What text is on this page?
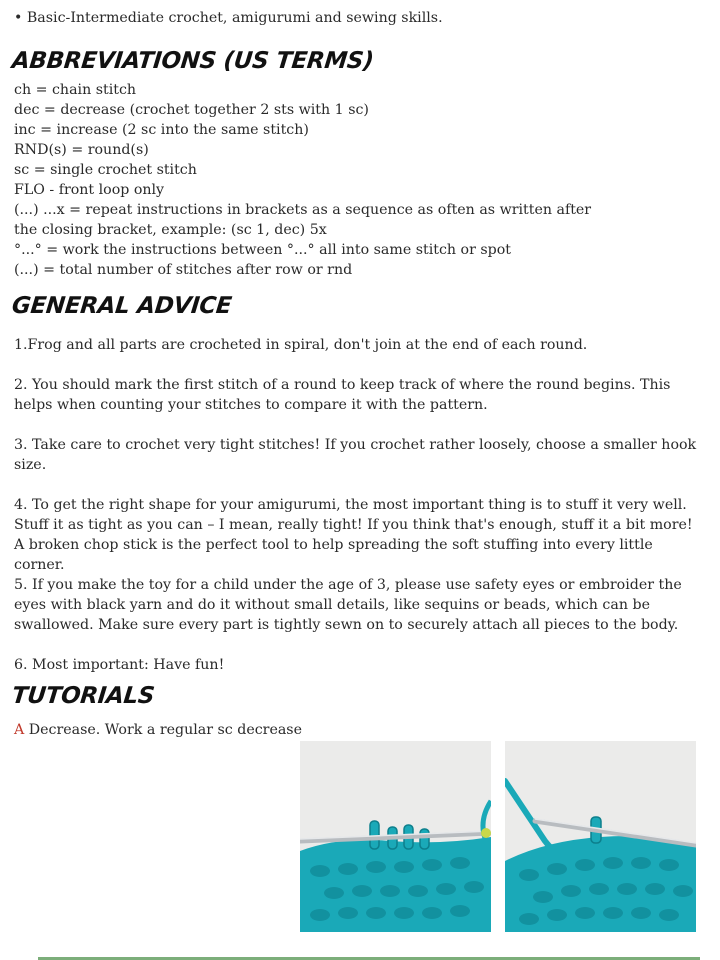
• Basic-Intermediate crochet, amigurumi and sewing skills.
ABBREVIATIONS (US TERMS)
ch = chain stitch
dec = decrease (crochet together 2 sts with 1 sc)
inc = increase (2 sc into the same stitch)
RND(s) = round(s)
sc = single crochet stitch
FLO - front loop only
(...) ...x = repeat instructions in brackets as a sequence as often as written after
the closing bracket, example: (sc 1, dec) 5x
°...° = work the instructions between °...° all into same stitch or spot
(...) = total number of stitches after row or rnd
GENERAL ADVICE

1.Frog and all parts are crocheted in spiral, don't join at the end of each round.

2. You should mark the first stitch of a round to keep track of where the round begins. This helps when counting your stitches to compare it with the pattern.

3. Take care to crochet very tight stitches! If you crochet rather loosely, choose a smaller hook size.

4. To get the right shape for your amigurumi, the most important thing is to stuff it very well. Stuff it as tight as you can – I mean, really tight! If you think that's enough, stuff it a bit more! A broken chop stick is the perfect tool to help spreading the soft stuffing into every little corner.

5. If you make the toy for a child under the age of 3, please use safety eyes or embroider the eyes with black yarn and do it without small details, like sequins or beads, which can be swallowed. Make sure every part is tightly sewn on to securely attach all pieces to the body.

6. Most important: Have fun!

TUTORIALS
A Decrease. Work a regular sc decrease
